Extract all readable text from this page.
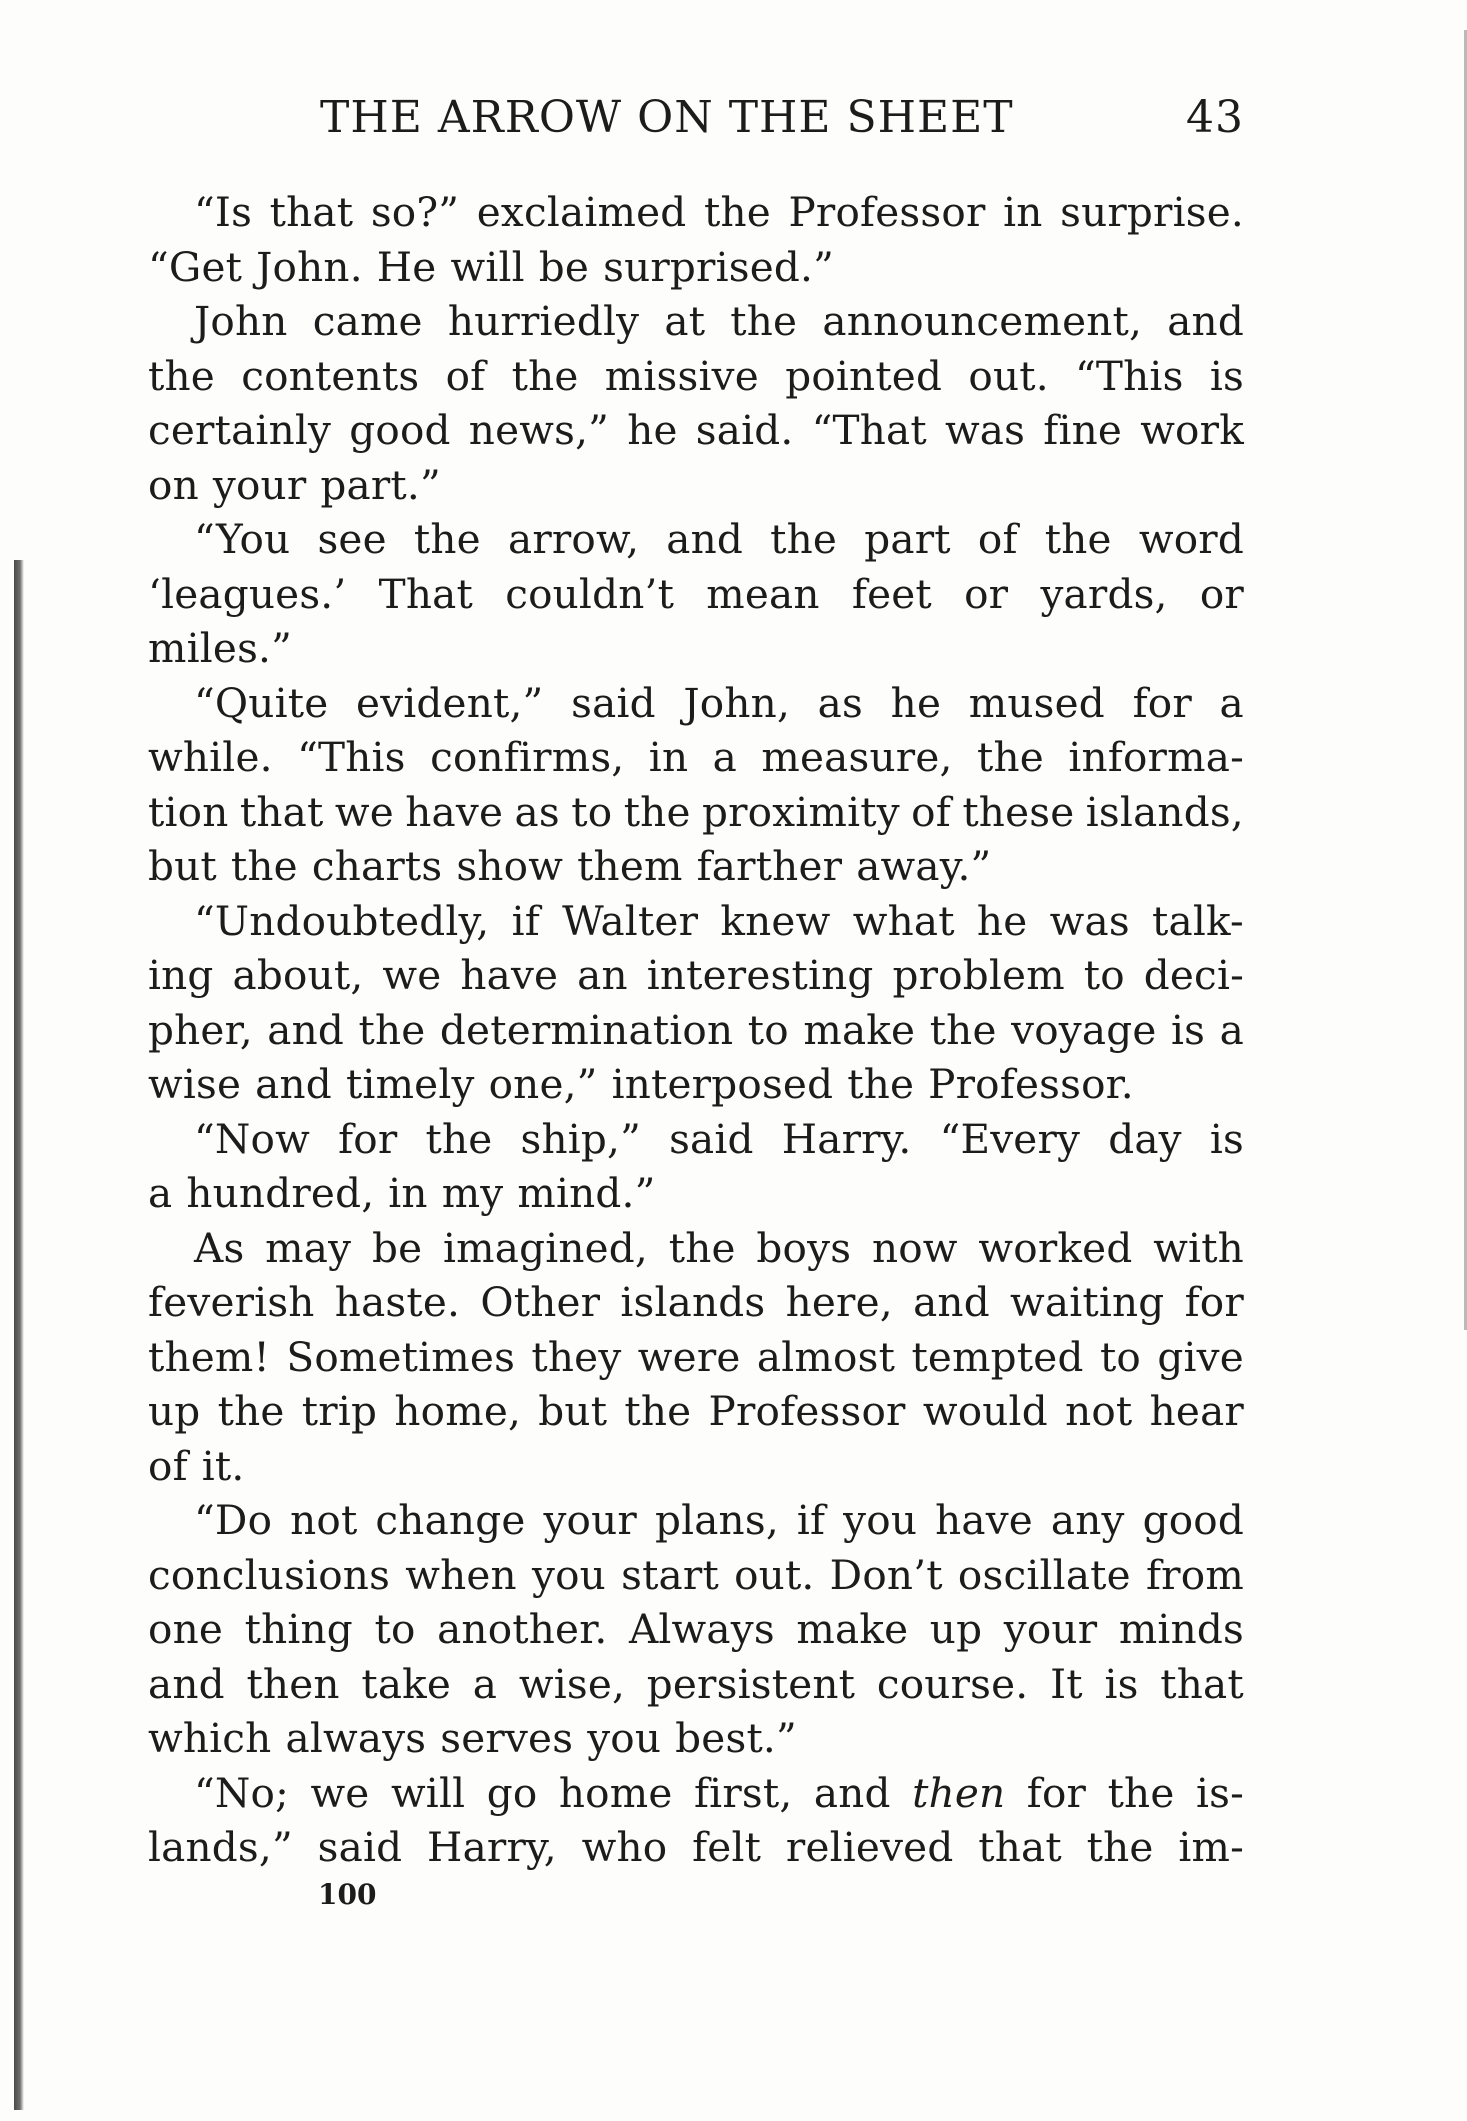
THE ARROW ON THE SHEET	43
“Is that so?” exclaimed the Professor in surprise.
“Get John. He will be surprised.”
John came hurriedly at the announcement, and
the contents of the missive pointed out. “This is
certainly good news,” he said. “That was fine work
on your part.”
“You see the arrow, and the part of the word
‘leagues.’ That couldn’t mean feet or yards, or
miles.”
“Quite evident,” said John, as he mused for a
while. “This confirms, in a measure, the informa-
tion that we have as to the proximity of these islands,
but the charts show them farther away.”
“Undoubtedly, if Walter knew what he was talk-
ing about, we have an interesting problem to deci-
pher, and the determination to make the voyage is a
wise and timely one,” interposed the Professor.
“Now for the ship,” said Harry. “Every day is
a hundred, in my mind.”
As may be imagined, the boys now worked with
feverish haste. Other islands here, and waiting for
them! Sometimes they were almost tempted to give
up the trip home, but the Professor would not hear
of it.
“Do not change your plans, if you have any good
conclusions when you start out. Don’t oscillate from
one thing to another. Always make up your minds
and then take a wise, persistent course. It is that
which always serves you best.”
“No; we will go home first, and then for the is-
lands,” said Harry, who felt relieved that the im-
100
